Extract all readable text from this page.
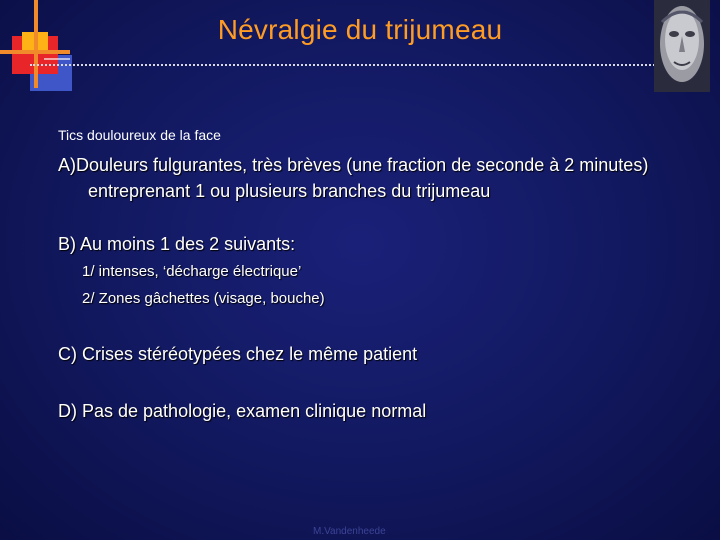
Névralgie du trijumeau
Tics douloureux de la face
A)Douleurs fulgurantes, très brèves (une fraction de seconde à 2 minutes) entreprenant 1 ou plusieurs branches du trijumeau
B) Au moins 1 des 2 suivants:
1/ intenses, ‘décharge électrique’
2/ Zones gâchettes (visage, bouche)
C) Crises stéréotypées chez le même patient
D) Pas de pathologie, examen clinique normal
M.Vandenheede
